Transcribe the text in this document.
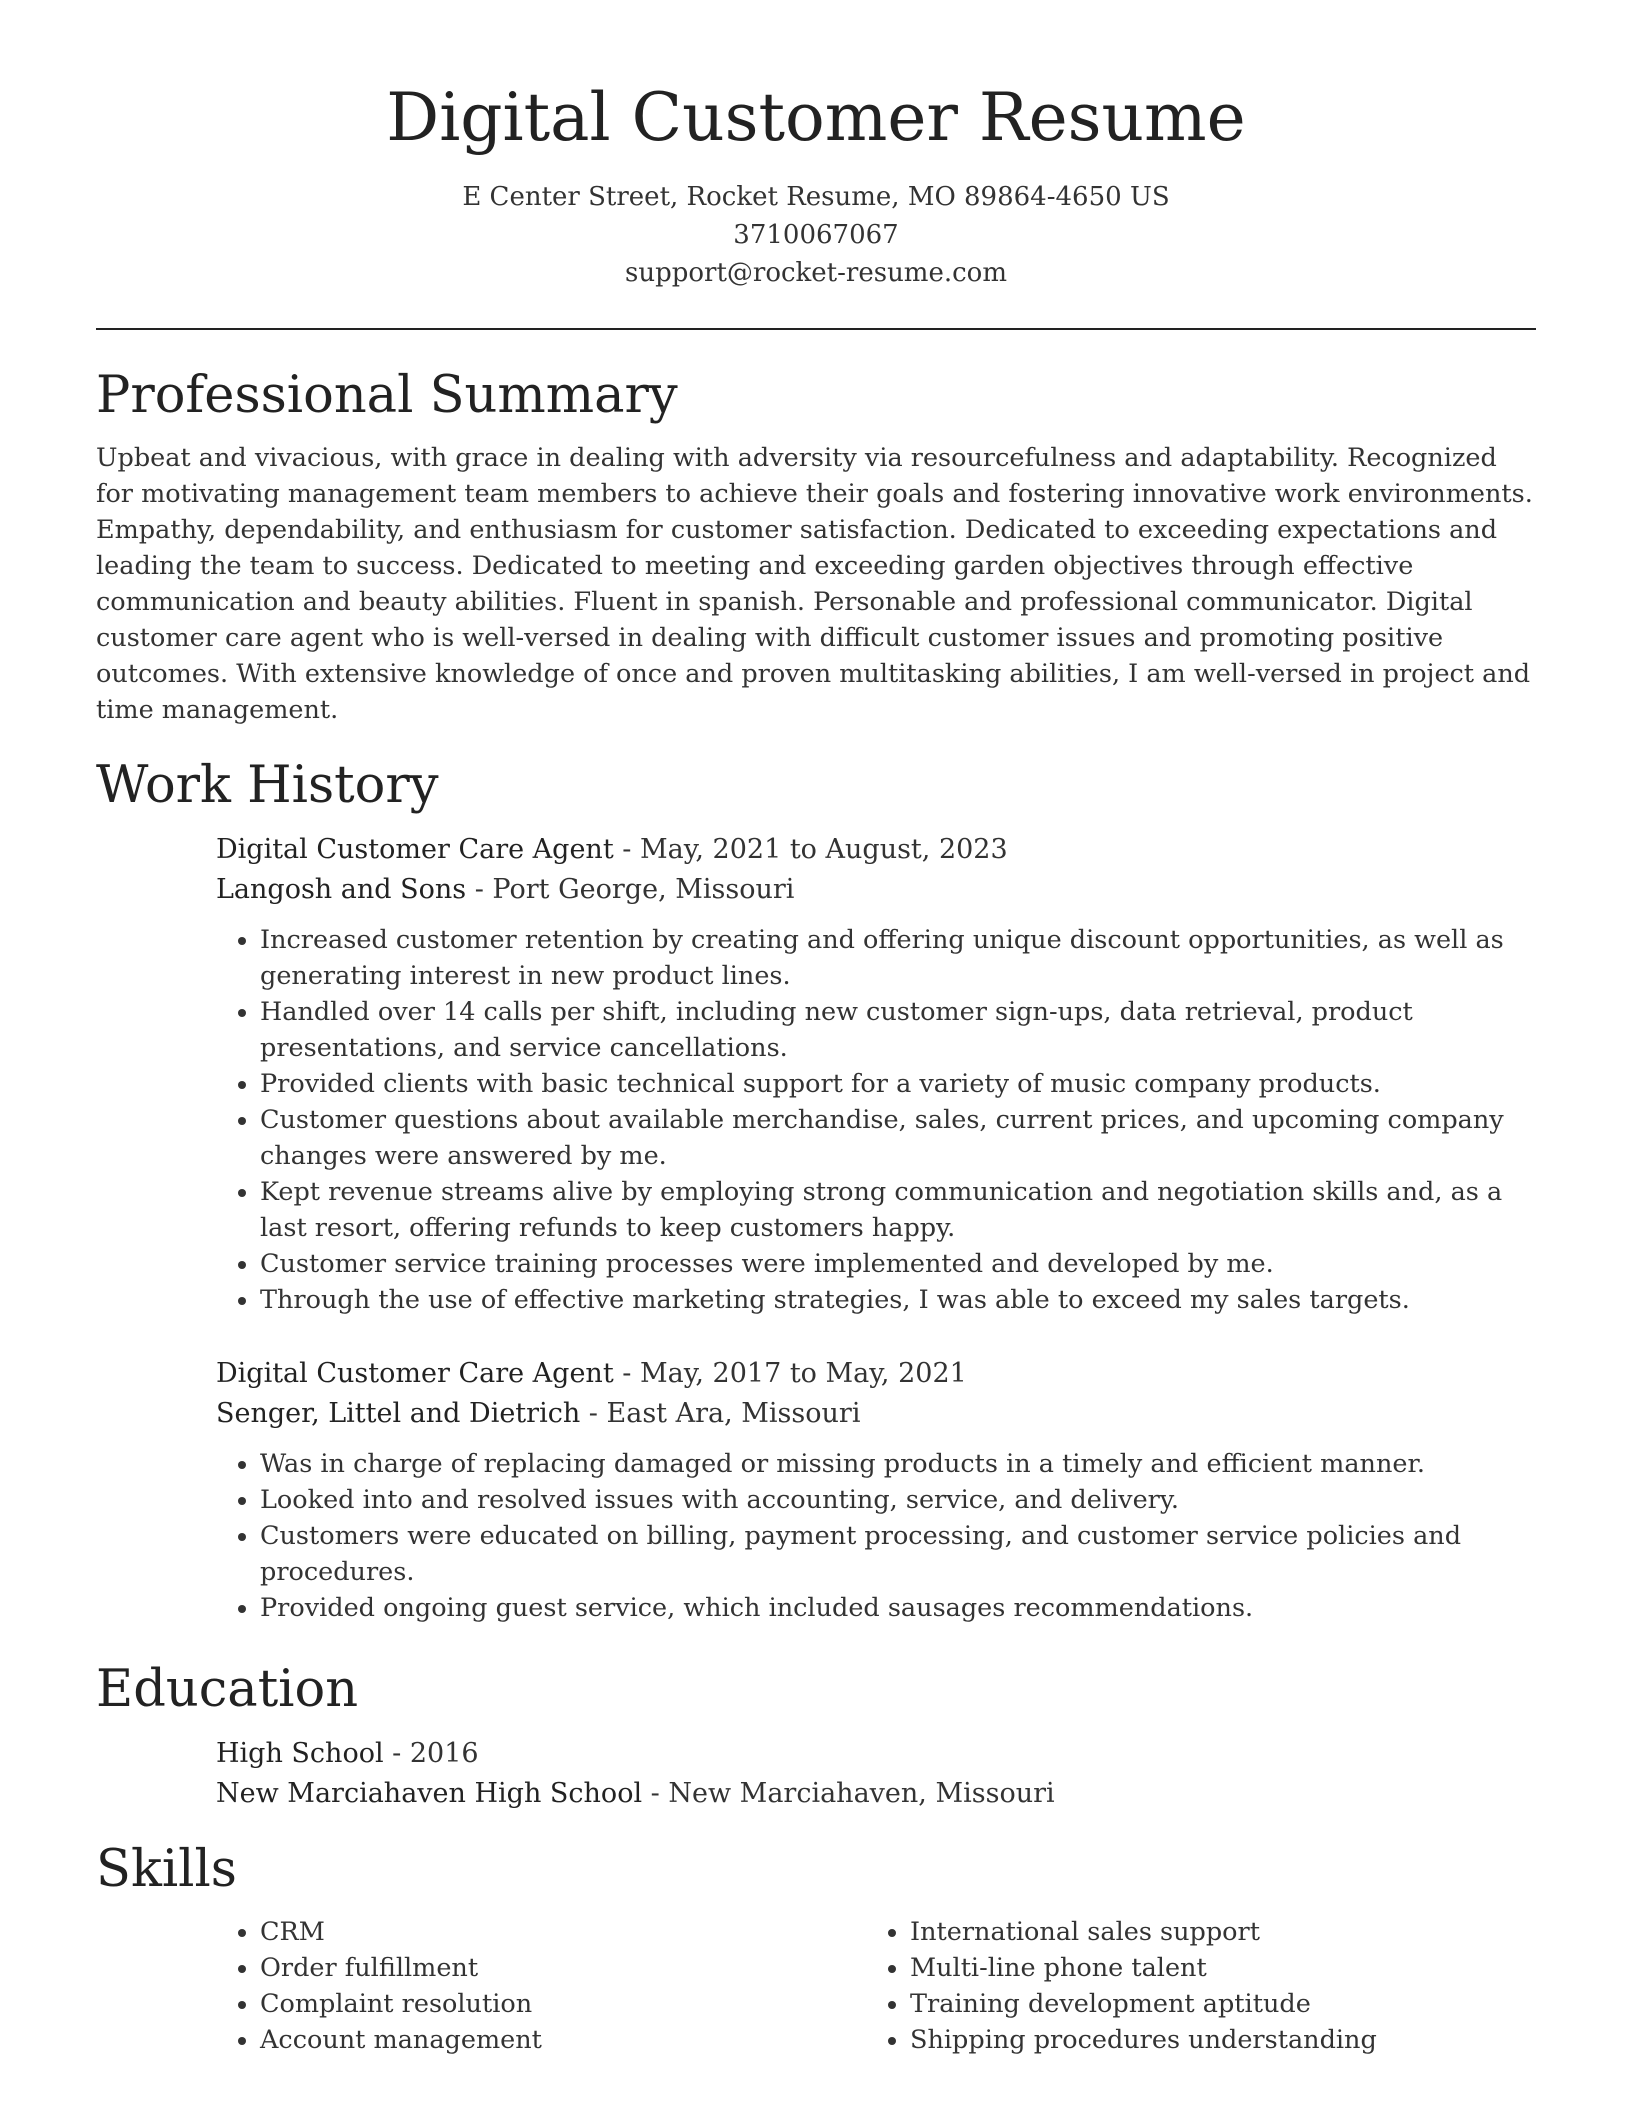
Digital Customer Resume
E Center Street, Rocket Resume, MO 89864-4650 US
3710067067
support@rocket-resume.com
Professional Summary

Upbeat and vivacious, with grace in dealing with adversity via resourcefulness and adaptability. Recognized for motivating management team members to achieve their goals and fostering innovative work environments. Empathy, dependability, and enthusiasm for customer satisfaction. Dedicated to exceeding expectations and leading the team to success. Dedicated to meeting and exceeding garden objectives through effective communication and beauty abilities. Fluent in spanish. Personable and professional communicator. Digital customer care agent who is well-versed in dealing with difficult customer issues and promoting positive outcomes. With extensive knowledge of once and proven multitasking abilities, I am well-versed in project and time management.

Work History
Digital Customer Care Agent - May, 2021 to August, 2023
Langosh and Sons - Port George, Missouri
• Increased customer retention by creating and offering unique discount opportunities, as well as generating interest in new product lines.
• Handled over 14 calls per shift, including new customer sign-ups, data retrieval, product presentations, and service cancellations.
• Provided clients with basic technical support for a variety of music company products.
• Customer questions about available merchandise, sales, current prices, and upcoming company changes were answered by me.
• Kept revenue streams alive by employing strong communication and negotiation skills and, as a last resort, offering refunds to keep customers happy.
• Customer service training processes were implemented and developed by me.
• Through the use of effective marketing strategies, I was able to exceed my sales targets.
Digital Customer Care Agent - May, 2017 to May, 2021
Senger, Littel and Dietrich - East Ara, Missouri
• Was in charge of replacing damaged or missing products in a timely and efficient manner.
• Looked into and resolved issues with accounting, service, and delivery.
• Customers were educated on billing, payment processing, and customer service policies and procedures.
• Provided ongoing guest service, which included sausages recommendations.
Education
High School - 2016
New Marciahaven High School - New Marciahaven, Missouri
Skills
• CRM
• Order fulfillment
• Complaint resolution
• Account management
• International sales support
• Multi-line phone talent
• Training development aptitude
• Shipping procedures understanding
